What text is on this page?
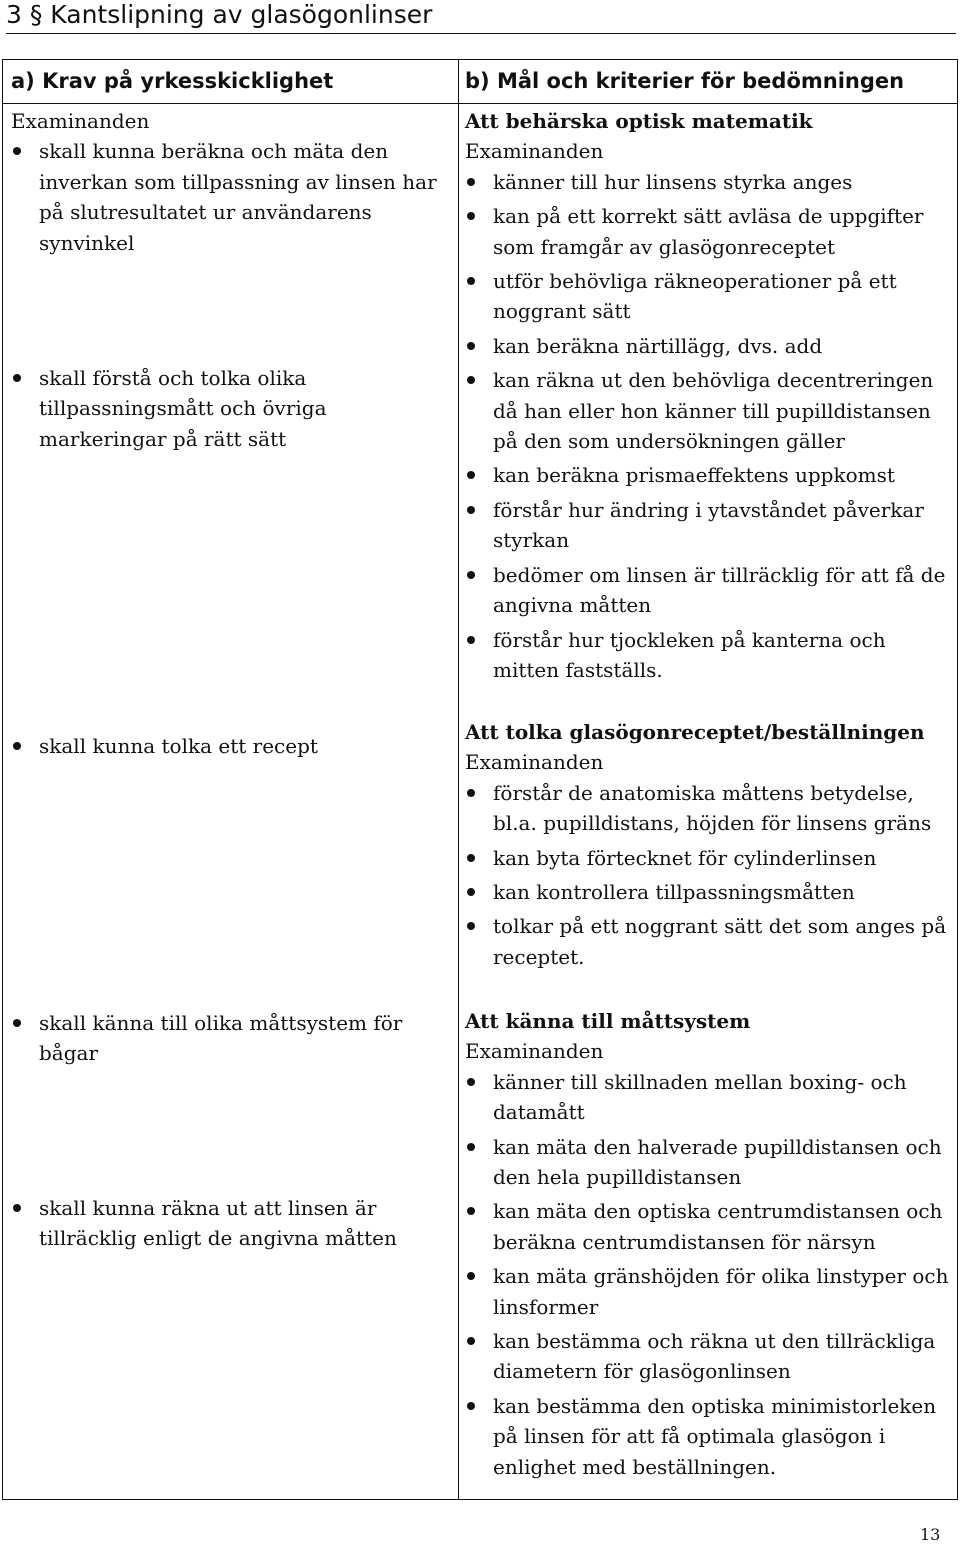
3 § Kantslipning av glasögonlinser
a) Krav på yrkesskicklighet	b) Mål och kriterier för bedömningen
Examinanden
skall kunna beräkna och mäta den inverkan som tillpassning av linsen har på slutresultatet ur användarens synvinkel
skall förstå och tolka olika tillpassningsmått och övriga markeringar på rätt sätt
skall kunna tolka ett recept
skall känna till olika måttsystem för bågar
skall kunna räkna ut att linsen är tillräcklig enligt de angivna måtten
Att behärska optisk matematik
Examinanden
känner till hur linsens styrka anges
kan på ett korrekt sätt avläsa de uppgifter som framgår av glasögonreceptet
utför behövliga räkneoperationer på ett noggrant sätt
kan beräkna närtillägg, dvs. add
kan räkna ut den behövliga decentreringen då han eller hon känner till pupilldistansen på den som undersökningen gäller
kan beräkna prismaeffektens uppkomst
förstår hur ändring i ytavståndet påverkar styrkan
bedömer om linsen är tillräcklig för att få de angivna måtten
förstår hur tjockleken på kanterna och mitten fastställs.
Att tolka glasögonreceptet/beställningen
Examinanden
förstår de anatomiska måttens betydelse, bl.a. pupilldistans, höjden för linsens gräns
kan byta förtecknet för cylinderlinsen
kan kontrollera tillpassningsmåtten
tolkar på ett noggrant sätt det som anges på receptet.
Att känna till måttsystem
Examinanden
känner till skillnaden mellan boxing- och datamått
kan mäta den halverade pupilldistansen och den hela pupilldistansen
kan mäta den optiska centrumdistansen och beräkna centrumdistansen för närsyn
kan mäta gränshöjden för olika linstyper och linsformer
kan bestämma och räkna ut den tillräckliga diametern för glasögonlinsen
kan bestämma den optiska minimistorleken på linsen för att få optimala glasögon i enlighet med beställningen.
13
